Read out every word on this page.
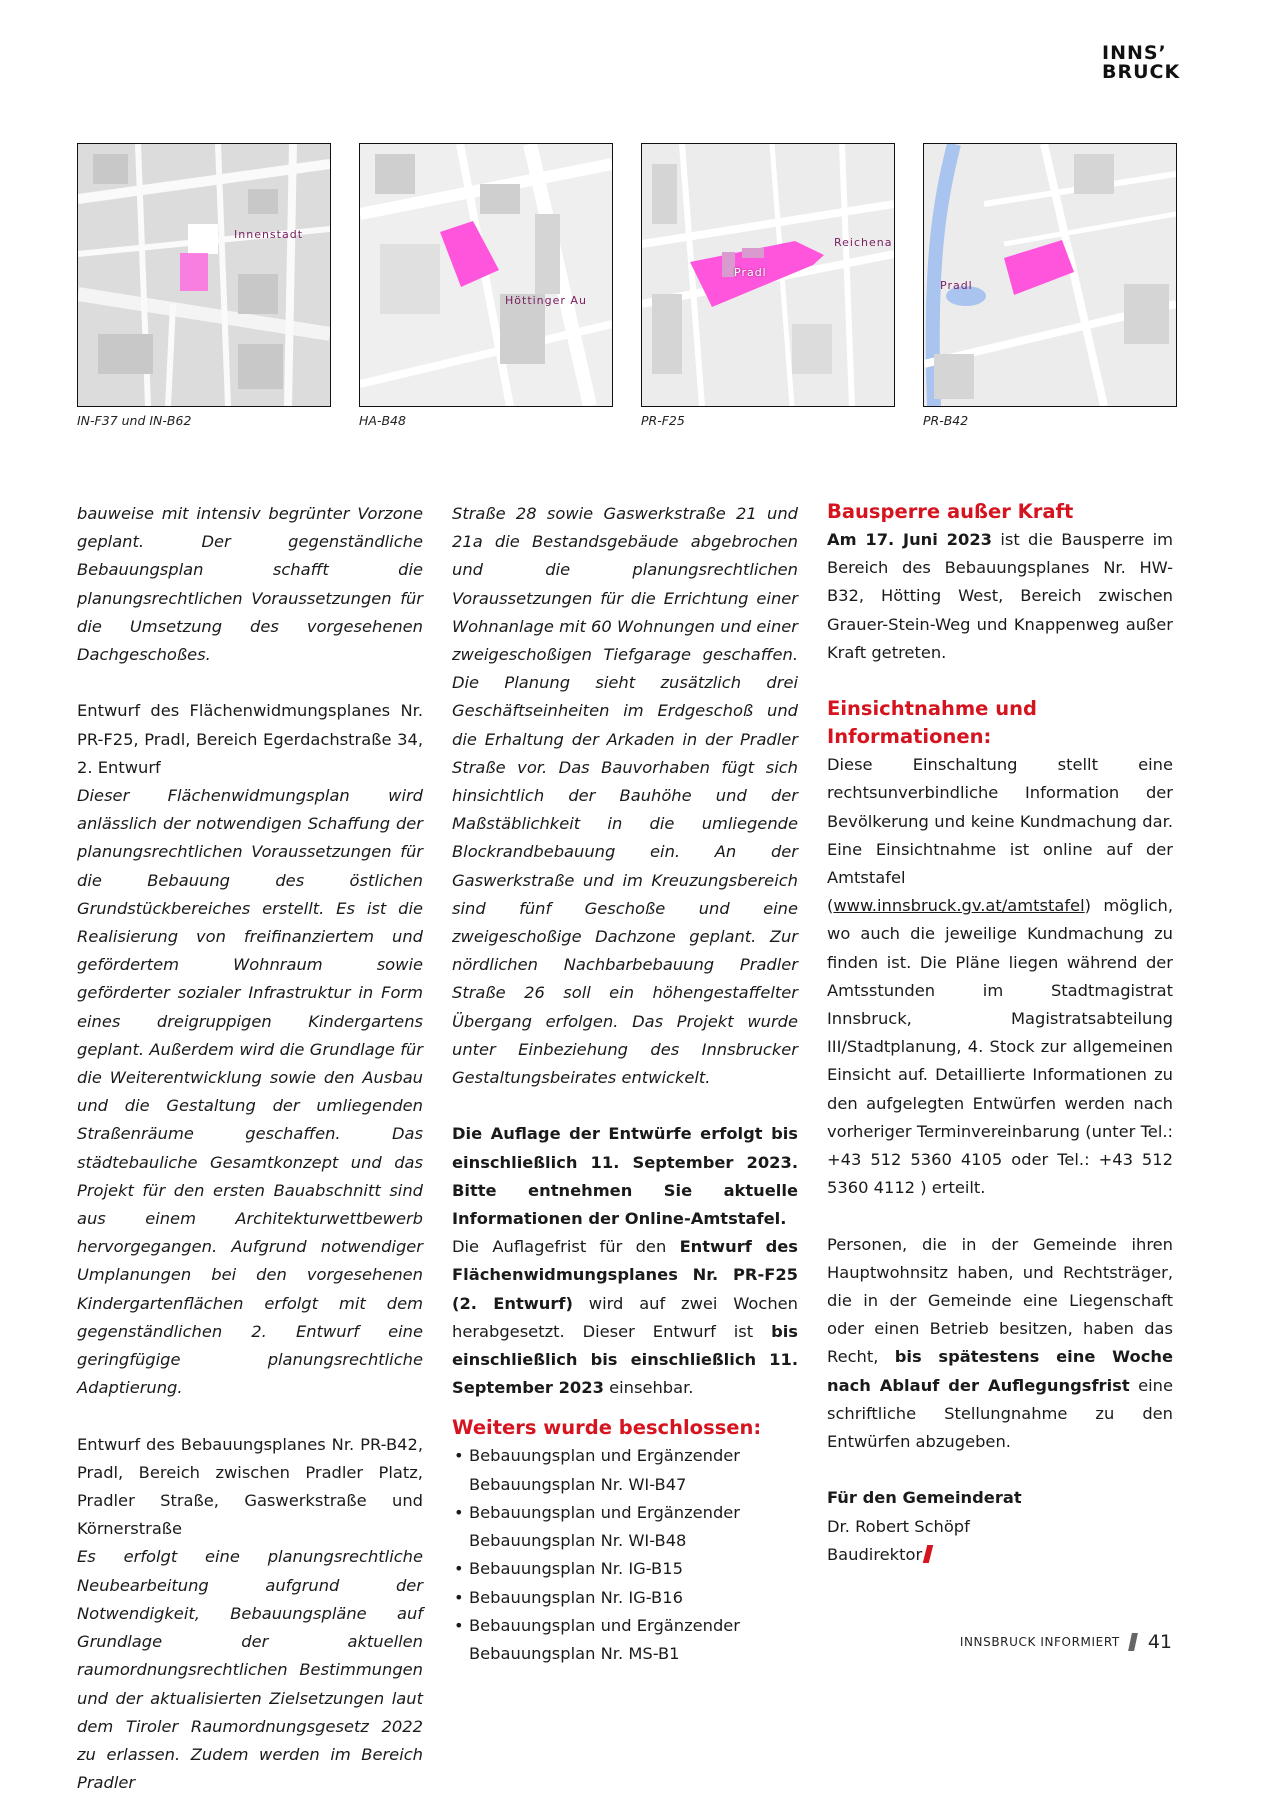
INNS’
BRUCK
Innenstadt
IN-F37 und IN-B62
Höttinger Au
HA-B48
Pradl
Reichena
PR-F25
Pradl
PR-B42

bauweise mit intensiv begrünter Vorzone geplant. Der gegenständliche Bebauungsplan schafft die planungsrechtlichen Voraussetzungen für die Umsetzung des vorgesehenen Dachgeschoßes.

Entwurf des Flächenwidmungsplanes Nr. PR-F25, Pradl, Bereich Egerdachstraße 34, 2. Entwurf

Dieser Flächenwidmungsplan wird anlässlich der notwendigen Schaffung der planungsrechtlichen Voraussetzungen für die Bebauung des östlichen Grundstückbereiches erstellt. Es ist die Realisierung von freifinanziertem und gefördertem Wohnraum sowie geförderter sozialer Infrastruktur in Form eines dreigruppigen Kindergartens geplant. Außerdem wird die Grundlage für die Weiterentwicklung sowie den Ausbau und die Gestaltung der umliegenden Straßenräume geschaffen. Das städtebauliche Gesamtkonzept und das Projekt für den ersten Bauabschnitt sind aus einem Architekturwettbewerb hervorgegangen. Aufgrund notwendiger Umplanungen bei den vorgesehenen Kindergartenflächen erfolgt mit dem gegenständlichen 2. Entwurf eine geringfügige planungsrechtliche Adaptierung.

Entwurf des Bebauungsplanes Nr. PR-B42, Pradl, Bereich zwischen Pradler Platz, Pradler Straße, Gaswerkstraße und Körnerstraße

Es erfolgt eine planungsrechtliche Neubearbeitung aufgrund der Notwendigkeit, Bebauungspläne auf Grundlage der aktuellen raumordnungsrechtlichen Bestimmungen und der aktualisierten Zielsetzungen laut dem Tiroler Raumordnungsgesetz 2022 zu erlassen. Zudem werden im Bereich Pradler

Straße 28 sowie Gaswerkstraße 21 und 21a die Bestandsgebäude abgebrochen und die planungsrechtlichen Voraussetzungen für die Errichtung einer Wohnanlage mit 60 Wohnungen und einer zweigeschoßigen Tiefgarage geschaffen. Die Planung sieht zusätzlich drei Geschäftseinheiten im Erdgeschoß und die Erhaltung der Arkaden in der Pradler Straße vor. Das Bauvorhaben fügt sich hinsichtlich der Bauhöhe und der Maßstäblichkeit in die umliegende Blockrandbebauung ein. An der Gaswerkstraße und im Kreuzungsbereich sind fünf Geschoße und eine zweigeschoßige Dachzone geplant. Zur nördlichen Nachbarbebauung Pradler Straße 26 soll ein höhengestaffelter Übergang erfolgen. Das Projekt wurde unter Einbeziehung des Innsbrucker Gestaltungsbeirates entwickelt.

Die Auflage der Entwürfe erfolgt bis einschließlich 11. September 2023. Bitte entnehmen Sie aktuelle Informationen der Online-Amtstafel.

Die Auflagefrist für den Entwurf des Flächenwidmungsplanes Nr. PR-F25 (2. Entwurf) wird auf zwei Wochen herabgesetzt. Dieser Entwurf ist bis einschließlich bis einschließlich 11. September 2023 einsehbar.

Weiters wurde beschlossen:
• Bebauungsplan und Ergänzender Bebauungsplan Nr. WI-B47
• Bebauungsplan und Ergänzender Bebauungsplan Nr. WI-B48
• Bebauungsplan Nr. IG-B15
• Bebauungsplan Nr. IG-B16
• Bebauungsplan und Ergänzender Bebauungsplan Nr. MS-B1
Bausperre außer Kraft

Am 17. Juni 2023 ist die Bausperre im Bereich des Bebauungsplanes Nr. HW-B32, Hötting West, Bereich zwischen Grauer-Stein-Weg und Knappenweg außer Kraft getreten.

Einsichtnahme und Informationen:

Diese Einschaltung stellt eine rechtsunverbindliche Information der Bevölkerung und keine Kundmachung dar. Eine Einsichtnahme ist online auf der Amtstafel (www.innsbruck.gv.at/amtstafel) möglich, wo auch die jeweilige Kundmachung zu finden ist. Die Pläne liegen während der Amtsstunden im Stadtmagistrat Innsbruck, Magistratsabteilung III/Stadtplanung, 4. Stock zur allgemeinen Einsicht auf. Detaillierte Informationen zu den aufgelegten Entwürfen werden nach vorheriger Terminvereinbarung (unter Tel.: +43 512 5360 4105 oder Tel.: +43 512 5360 4112 ) erteilt.

Personen, die in der Gemeinde ihren Hauptwohnsitz haben, und Rechtsträger, die in der Gemeinde eine Liegenschaft oder einen Betrieb besitzen, haben das Recht, bis spätestens eine Woche nach Ablauf der Auflegungsfrist eine schriftliche Stellungnahme zu den Entwürfen abzugeben.

Für den Gemeinderat

Dr. Robert Schöpf

Baudirektor

INNSBRUCK INFORMIERT 41
